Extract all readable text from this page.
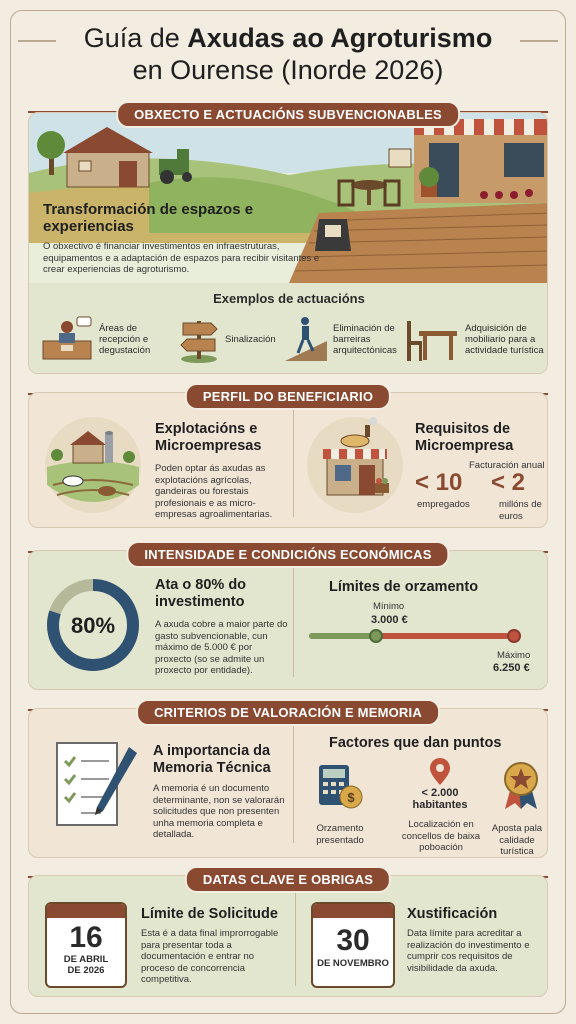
Guía de Axudas ao Agroturismo
en Ourense (Inorde 2026)
OBXECTO E ACTUACIÓNS SUBVENCIONABLES
Transformación de espazos e experiencias

O obxectivo é financiar investimentos en infraestruturas, equipamentos e a adaptación de espazos para recibir visitantes e crear experiencias de agroturismo.

Exemplos de actuacións
Áreas de recepción e degustación
Sinalización
Eliminación de barreiras arquitectónicas
Adquisición de mobiliario para a actividade turística
PERFIL DO BENEFICIARIO
Explotacións e Microempresas

Poden optar ás axudas as explotacións agrícolas, gandeiras ou forestais profesionais e as micro-empresas agroalimentarias.

Requisitos de Microempresa
Facturación anual
< 10
empregados
< 2
millóns de euros
INTENSIDADE E CONDICIÓNS ECONÓMICAS
80%
Ata o 80% do investimento

A axuda cobre a maior parte do gasto subvencionable, cun máximo de 5.000 € por proxecto (so se admite un proxecto por entidade).

Límites de orzamento
Mínimo
3.000 €
Máximo
6.250 €
CRITERIOS DE VALORACIÓN E MEMORIA
A importancia da Memoria Técnica

A memoria é un documento determinante, non se valorarán solicitudes que non presenten unha memoria completa e detallada.

Factores que dan puntos
$
Orzamento presentado
< 2.000 habitantes
Localización en concellos de baixa poboación
Aposta pala calidade turística
DATAS CLAVE E OBRIGAS
16
DE ABRIL DE 2026
Límite de Solicitude

Esta é a data final improrrogable para presentar toda a documentación e entrar no proceso de concorrencia competitiva.

30
DE NOVEMBRO
Xustificación

Data límite para acreditar a realización do investimento e cumprir cos requisitos de visibilidade da axuda.
